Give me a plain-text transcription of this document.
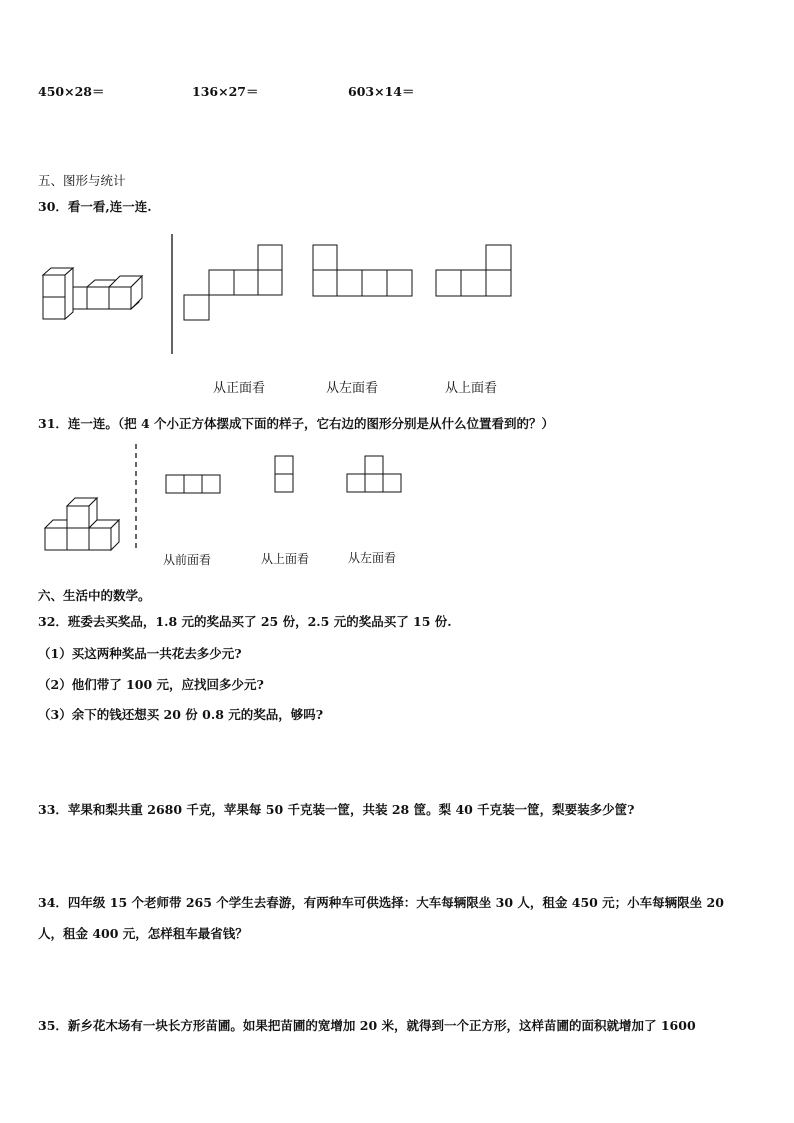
450×28＝	136×27＝	603×14＝
五、图形与统计
30．看一看,连一连.
从正面看	从左面看	从上面看
31．连一连。（把 4 个小正方体摆成下面的样子，它右边的图形分别是从什么位置看到的？）
从前面看	从上面看	从左面看
六、生活中的数学。
32．班委去买奖品，1.8 元的奖品买了 25 份，2.5 元的奖品买了 15 份.
（1）买这两种奖品一共花去多少元?
（2）他们带了 100 元，应找回多少元?
（3）余下的钱还想买 20 份 0.8 元的奖品，够吗?
33．苹果和梨共重 2680 千克，苹果每 50 千克装一筐，共装 28 筐。梨 40 千克装一筐，梨要装多少筐?
34．四年级 15 个老师带 265 个学生去春游，有两种车可供选择：大车每辆限坐 30 人，租金 450 元；小车每辆限坐 20
人，租金 400 元，怎样租车最省钱？
35．新乡花木场有一块长方形苗圃。如果把苗圃的宽增加 20 米，就得到一个正方形，这样苗圃的面积就增加了 1600
